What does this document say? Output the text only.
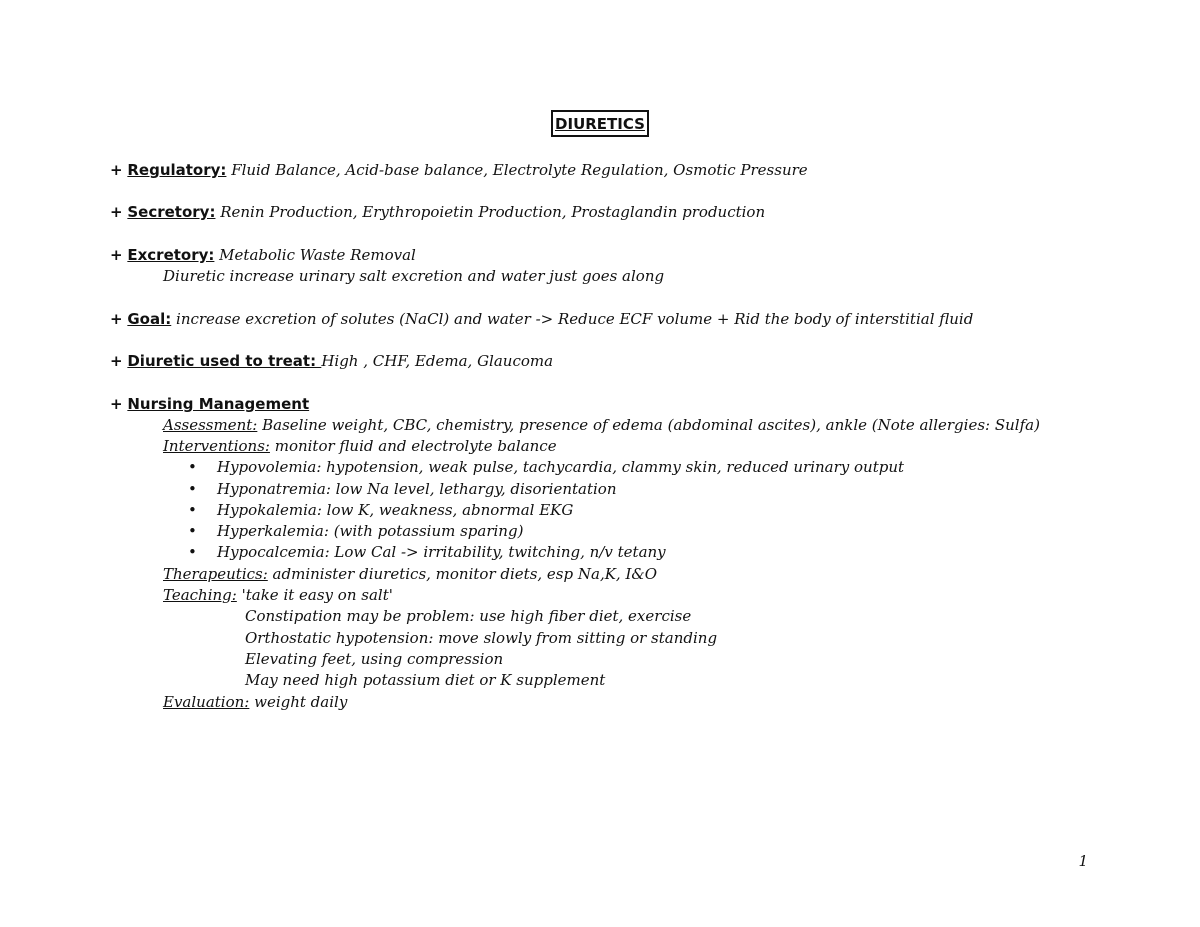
DIURETICS
+ Regulatory: Fluid Balance, Acid-base balance, Electrolyte Regulation, Osmotic Pressure
+ Secretory: Renin Production, Erythropoietin Production, Prostaglandin production
+ Excretory: Metabolic Waste Removal
Diuretic increase urinary salt excretion and water just goes along
+ Goal: increase excretion of solutes (NaCl) and water -> Reduce ECF volume + Rid the body of interstitial fluid
+ Diuretic used to treat: High , CHF, Edema, Glaucoma
+ Nursing Management
Assessment: Baseline weight, CBC, chemistry, presence of edema (abdominal ascites), ankle (Note allergies: Sulfa)
Interventions: monitor fluid and electrolyte balance
• Hypovolemia: hypotension, weak pulse, tachycardia, clammy skin, reduced urinary output
• Hyponatremia: low Na level, lethargy, disorientation
• Hypokalemia: low K, weakness, abnormal EKG
• Hyperkalemia: (with potassium sparing)
• Hypocalcemia: Low Cal -> irritability, twitching, n/v tetany
Therapeutics: administer diuretics, monitor diets, esp Na,K, I&O
Teaching: 'take it easy on salt'
Constipation may be problem: use high fiber diet, exercise
Orthostatic hypotension: move slowly from sitting or standing
Elevating feet, using compression
May need high potassium diet or K supplement
Evaluation: weight daily
1
